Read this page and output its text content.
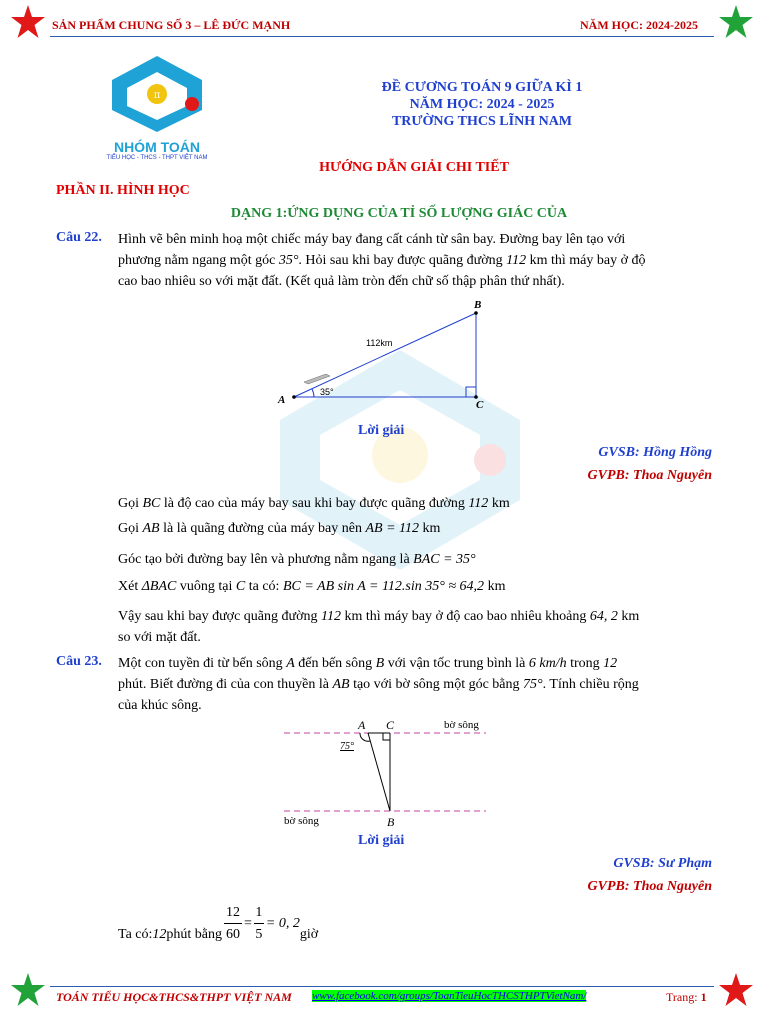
SẢN PHẨM CHUNG SỐ 3 – LÊ ĐỨC MẠNH	NĂM HỌC: 2024-2025
π
NHÓM TOÁN
TIỂU HỌC - THCS - THPT VIỆT NAM
ĐỀ CƯƠNG TOÁN 9 GIỮA KÌ 1
NĂM HỌC: 2024 - 2025
TRƯỜNG THCS LĨNH NAM
HƯỚNG DẪN GIẢI CHI TIẾT
PHẦN II. HÌNH HỌC
DẠNG 1:ỨNG DỤNG CỦA TỈ SỐ LƯỢNG GIÁC CỦA
Câu 22. Hình vẽ bên minh hoạ một chiếc máy bay đang cất cánh từ sân bay. Đường bay lên tạo với
phương nằm ngang một góc 35°. Hỏi sau khi bay được quãng đường 112 km thì máy bay ở độ
cao bao nhiêu so với mặt đất. (Kết quả làm tròn đến chữ số thập phân thứ nhất).
A
B
C
112km
35°
Lời giải
GVSB: Hồng Hồng
GVPB: Thoa Nguyên
Gọi BC là độ cao của máy bay sau khi bay được quãng đường 112 km
Gọi AB là là quãng đường của máy bay nên AB = 112 km
Góc tạo bởi đường bay lên và phương nằm ngang là BAC = 35°
Xét ΔBAC vuông tại C ta có: BC = AB sin A = 112.sin 35° ≈ 64,2 km
Vậy sau khi bay được quãng đường 112 km thì máy bay ở độ cao bao nhiêu khoảng 64, 2 km
so với mặt đất.
Câu 23. Một con tuyền đi từ bến sông A đến bến sông B với vận tốc trung bình là 6 km/h trong 12
phút. Biết đường đi của con thuyền là AB tạo với bờ sông một góc bằng 75°. Tính chiều rộng
của khúc sông.
A C
B
75°
bờ sông
bờ sông
Lời giải
GVSB: Sư Phạm
GVPB: Thoa Nguyên
Ta có: 12 phút bằng $\frac{12}{60} = \frac{1}{5} = 0$, 2
giờ
TOÁN TIỂU HỌC&THCS&THPT VIỆT NAM www.facebook.com/groups/ToanTieuHocTHCSTHPTVietNam/	Trang: 1
